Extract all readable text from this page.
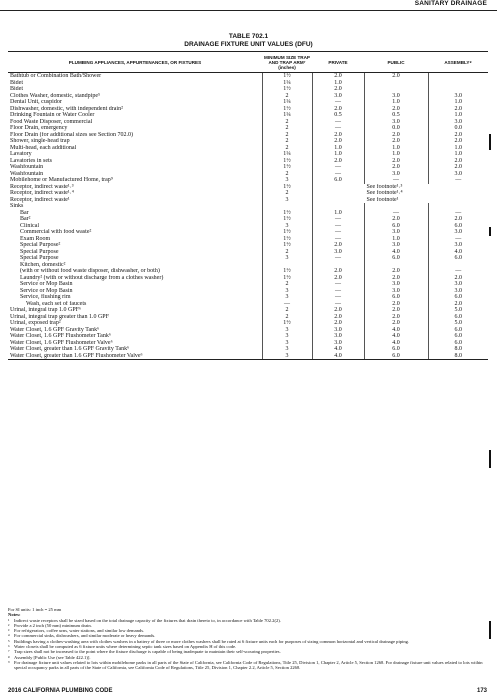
SANITARY DRAINAGE
TABLE 702.1
DRAINAGE FIXTURE UNIT VALUES (DFU)
PLUMBING APPLIANCES, APPURTENANCES, OR FIXTURES	MINIMUM SIZE TRAP AND TRAP ARM⁷ (inches)	PRIVATE	PUBLIC	ASSEMBLY⁸
Bathtub or Combination Bath/Shower	1½	2.0	2.0	
Bidet	1¼	1.0		
Bidet	1½	2.0		
Clothes Washer, domestic, standpipe⁵	2	3.0	3.0	3.0
Dental Unit, cuspidor	1¼	—	1.0	1.0
Dishwasher, domestic, with independent drain²	1½	2.0	2.0	2.0
Drinking Fountain or Water Cooler	1¼	0.5	0.5	1.0
Food Waste Disposer, commercial	2	—	3.0	3.0
Floor Drain, emergency	2	—	0.0	0.0
Floor Drain (for additional sizes see Section 702.0)	2	2.0	2.0	2.0
Shower, single-head trap	2	2.0	2.0	2.0
Multi-head, each additional	2	1.0	1.0	1.0
Lavatory	1¼	1.0	1.0	1.0
Lavatories in sets	1½	2.0	2.0	2.0
Washfountain	1½	—	2.0	2.0
Washfountain	2	—	3.0	3.0
Mobilehome or Manufactured Home, trap⁹	3	6.0	—	—
Receptor, indirect waste¹˒³	1½	See footnote¹˒³		
Receptor, indirect waste¹˒⁴	2	See footnote¹˒⁴		
Receptor, indirect waste¹	3	See footnote¹		
Sinks				
Bar	1½	1.0	—	—
Bar²	1½	—	2.0	2.0
Clinical	3	—	6.0	6.0
Commercial with food waste²	1½	—	3.0	3.0
Exam Room	1½	—	1.0	—
Special Purpose²	1½	2.0	3.0	3.0
Special Purpose	2	3.0	4.0	4.0
Special Purpose	3	—	6.0	6.0
Kitchen, domestic²				
(with or without food waste disposer, dishwasher, or both)	1½	2.0	2.0	—
Laundry² (with or without discharge from a clothes washer)	1½	2.0	2.0	2.0
Service or Mop Basin	2	—	3.0	3.0
Service or Mop Basin	3	—	3.0	3.0
Service, flushing rim	3	—	6.0	6.0
Wash, each set of faucets	—	—	2.0	2.0
Urinal, integral trap 1.0 GPF⁶	2	2.0	2.0	5.0
Urinal, integral trap greater than 1.0 GPF	2	2.0	2.0	6.0
Urinal, exposed trap²	1½	2.0	2.0	5.0
Water Closet, 1.6 GPF Gravity Tank⁶	3	3.0	4.0	6.0
Water Closet, 1.6 GPF Flushometer Tank⁶	3	3.0	4.0	6.0
Water Closet, 1.6 GPF Flushometer Valve⁶	3	3.0	4.0	6.0
Water Closet, greater than 1.6 GPF Gravity Tank⁶	3	4.0	6.0	8.0
Water Closet, greater than 1.6 GPF Flushometer Valve⁶	3	4.0	6.0	8.0
For SI units: 1 inch = 25 mm
Notes:
¹	Indirect waste receptors shall be sized based on the total drainage capacity of the fixtures that drain thereto to, in accordance with Table 702.2(2).
²	Provide a 2 inch (50 mm) minimum drain.
³	For refrigerators, coffee urns, water stations, and similar low demands.
⁴ For commercial sinks, dishwashers, and similar moderate or heavy demands.
⁵ Buildings having a clothes-washing area with clothes washers in a battery of three or more clothes washers shall be rated at 6 fixture units each for purposes of sizing common horizontal and vertical drainage piping.
⁶ Water closets shall be computed as 6 fixture units where determining septic tank sizes based on Appendix H of this code.
⁷ Trap sizes shall not be increased to the point where the fixture discharge is capable of being inadequate to maintain their self-scouring properties.
⁸ Assembly [Public Use (see Table 422.1)].
⁹ For drainage fixture unit values related to lots within mobilehome parks in all parts of the State of California, see California Code of Regulations, Title 25, Division 1, Chapter 2, Article 5, Section 1268. For drainage fixture unit values related to lots within special occupancy parks in all parts of the State of California, see California Code of Regulations, Title 25, Division 1, Chapter 2.2, Article 5, Section 2268.
2016 CALIFORNIA PLUMBING CODE	173
